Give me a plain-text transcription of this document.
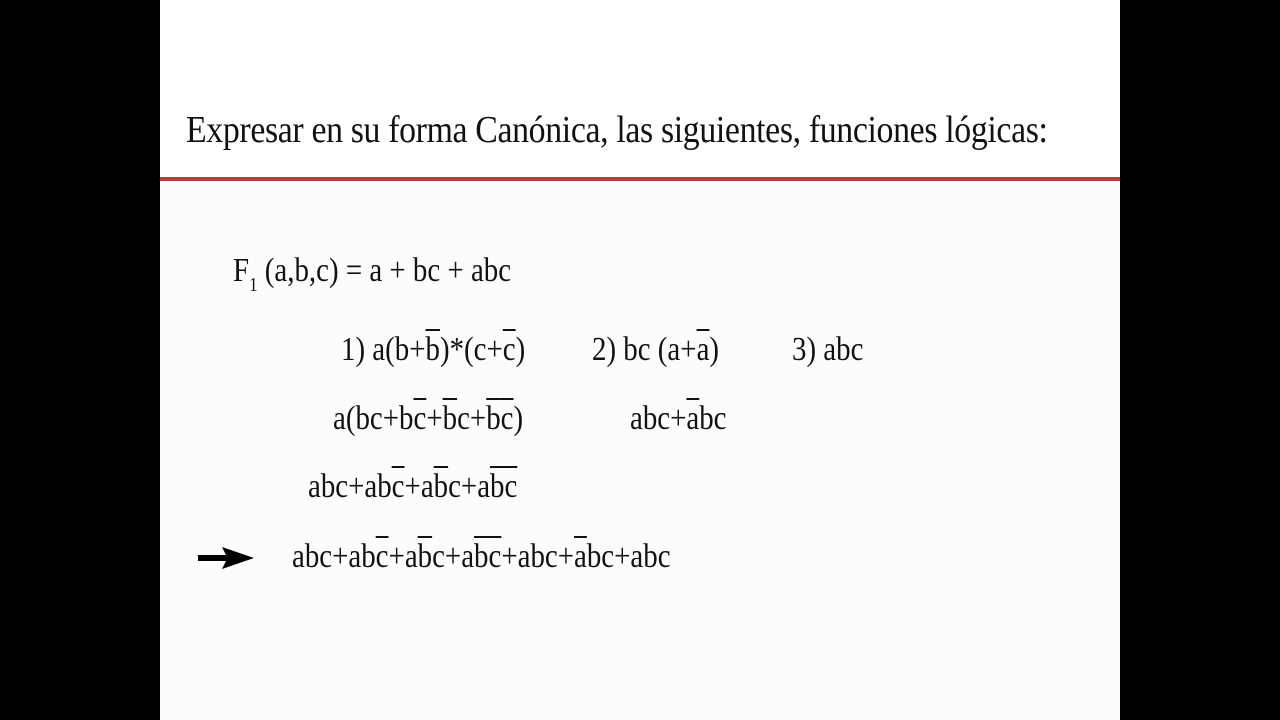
Expresar en su forma Canónica, las siguientes, funciones lógicas:
$F_1$ (a,b,c) = a + bc + abc
1) $a(b+\overline{b})*(c+\overline{c})$ 2) bc $(a+\overline{a})$ 3) abc
$a(bc+b\overline{c}+\overline{b}c+\overline{b}\overline{c})$	$abc+\overline{a}bc$
$abc+ab\overline{c}+a\overline{b}c+a\overline{b}\overline{c}$
$abc+ab\overline{c}+a\overline{b}c+a\overline{b}\overline{c}+abc+\overline{a}bc+abc$
